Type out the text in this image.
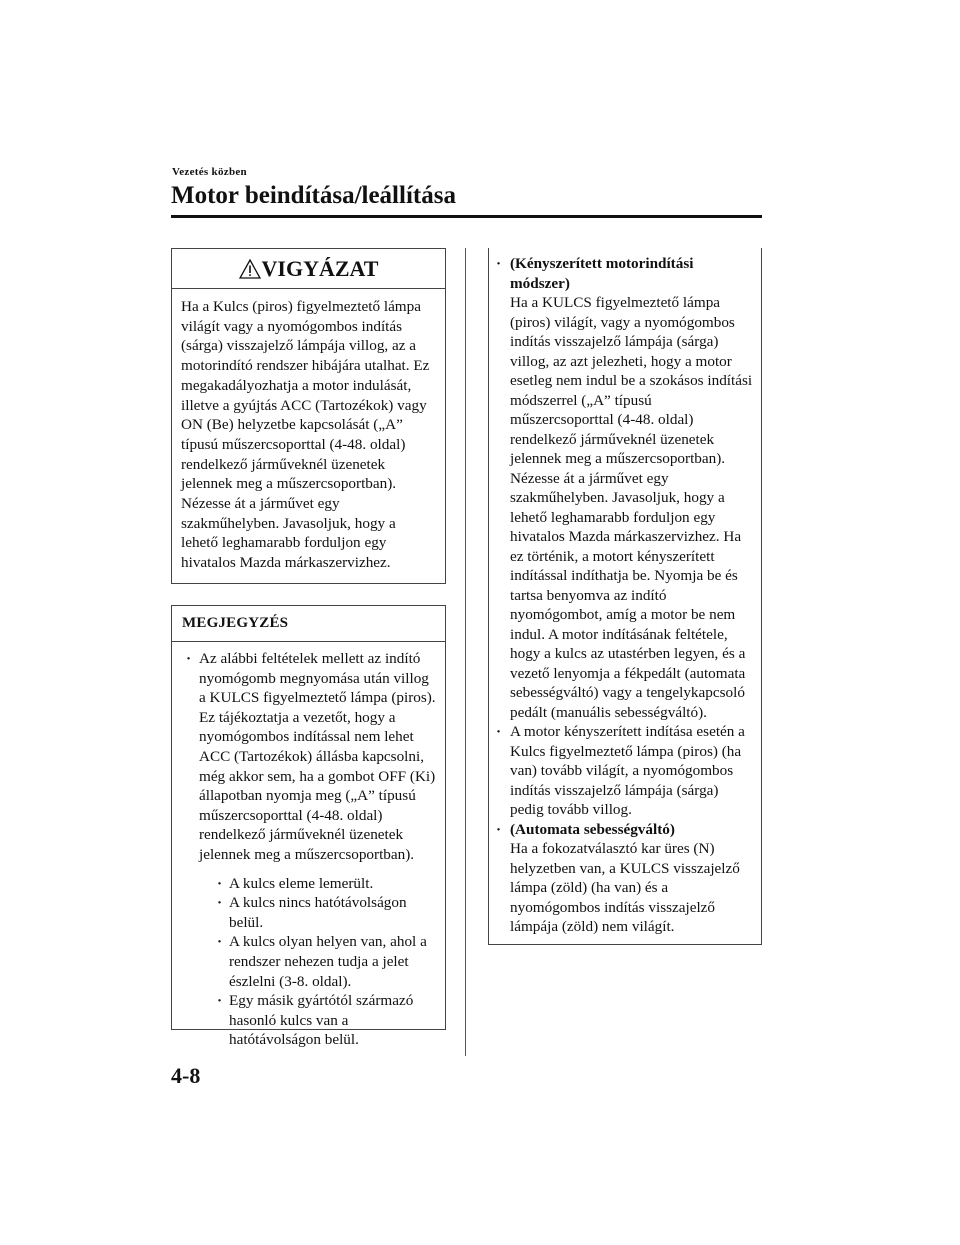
Vezetés közben
Motor beindítása/leállítása
VIGYÁZAT

Ha a Kulcs (piros) figyelmeztető lámpa világít vagy a nyomógombos indítás (sárga) visszajelző lámpája villog, az a motorindító rendszer hibájára utalhat. Ez megakadályozhatja a motor indulását, illetve a gyújtás ACC (Tartozékok) vagy ON (Be) helyzetbe kapcsolását („A” típusú műszercsoporttal (4-48. oldal) rendelkező járműveknél üzenetek jelennek meg a műszercsoportban). Nézesse át a járművet egy szakműhelyben. Javasoljuk, hogy a lehető leghamarabb forduljon egy hivatalos Mazda márkaszervizhez.

MEGJEGYZÉS
· Az alábbi feltételek mellett az indító nyomógomb megnyomása után villog a KULCS figyelmeztető lámpa (piros). Ez tájékoztatja a vezetőt, hogy a nyomógombos indítással nem lehet ACC (Tartozékok) állásba kapcsolni, még akkor sem, ha a gombot OFF (Ki) állapotban nyomja meg („A” típusú műszercsoporttal (4-48. oldal) rendelkező járműveknél üzenetek jelennek meg a műszercsoportban).
· A kulcs eleme lemerült.
· A kulcs nincs hatótávolságon belül.
· A kulcs olyan helyen van, ahol a rendszer nehezen tudja a jelet észlelni (3-8. oldal).
· Egy másik gyártótól származó hasonló kulcs van a hatótávolságon belül.
· (Kényszerített motorindítási módszer)
Ha a KULCS figyelmeztető lámpa (piros) világít, vagy a nyomógombos indítás visszajelző lámpája (sárga) villog, az azt jelezheti, hogy a motor esetleg nem indul be a szokásos indítási módszerrel („A” típusú műszercsoporttal (4-48. oldal) rendelkező járműveknél üzenetek jelennek meg a műszercsoportban). Nézesse át a járművet egy szakműhelyben. Javasoljuk, hogy a lehető leghamarabb forduljon egy hivatalos Mazda márkaszervizhez. Ha ez történik, a motort kényszerített indítással indíthatja be. Nyomja be és tartsa benyomva az indító nyomógombot, amíg a motor be nem indul. A motor indításának feltétele, hogy a kulcs az utastérben legyen, és a vezető lenyomja a fékpedált (automata sebességváltó) vagy a tengelykapcsoló pedált (manuális sebességváltó).
· A motor kényszerített indítása esetén a Kulcs figyelmeztető lámpa (piros) (ha van) tovább világít, a nyomógombos indítás visszajelző lámpája (sárga) pedig tovább villog.
· (Automata sebességváltó)
Ha a fokozatválasztó kar üres (N) helyzetben van, a KULCS visszajelző lámpa (zöld) (ha van) és a nyomógombos indítás visszajelző lámpája (zöld) nem világít.
4-8
